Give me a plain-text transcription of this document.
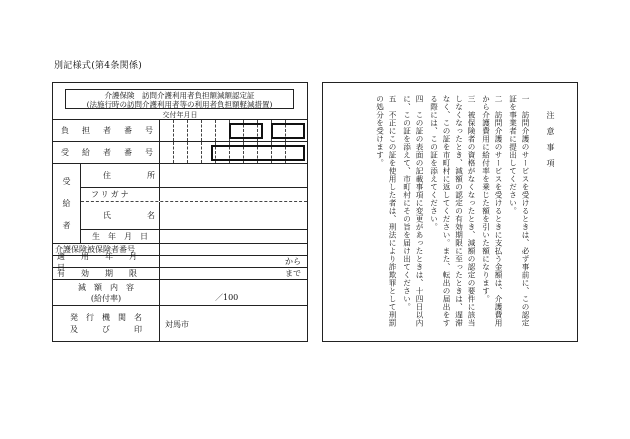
別記様式(第4条関係)
介護保険　訪問介護利用者負担額減額認定証
(法施行時の訪問介護利用者等の利用者負担額軽減措置)
交付年月日
負 担 者 番 号
受 給 者 番 号
受
給
者
住	所
フリガナ
氏	名
生　年　月　日
介護保険被保険者番号
適　　用　　年　　月　　日
から
有　　効　　期　　限	まで
減　額　内　容
(給付率)	／100
発　行　機　関　名
及　　　び　　　印
対馬市
注意事項

一　訪問介護のサービスを受けるときは、必ず事前に、この認定証を事業者に提出してください。

二　訪問介護のサービスを受けるときに支払う金額は、介護費用から介護費用に給付率を乗じた額を引いた額になります。

三　被保険者の資格がなくなったとき、減額の認定の要件に該当しなくなったとき、減額の認定の有効期限に至ったときは、遅滞なく、この証を市町村に返してください。また、転出の届出をする際には、この証を添えてください。

四　この証の表面の記載事項に変更があったときは、十四日以内に、この証を添えて、市町村にその旨を届け出てください。

五　不正にこの証を使用した者は、刑法により詐欺罪として刑罰の処分を受けます。
